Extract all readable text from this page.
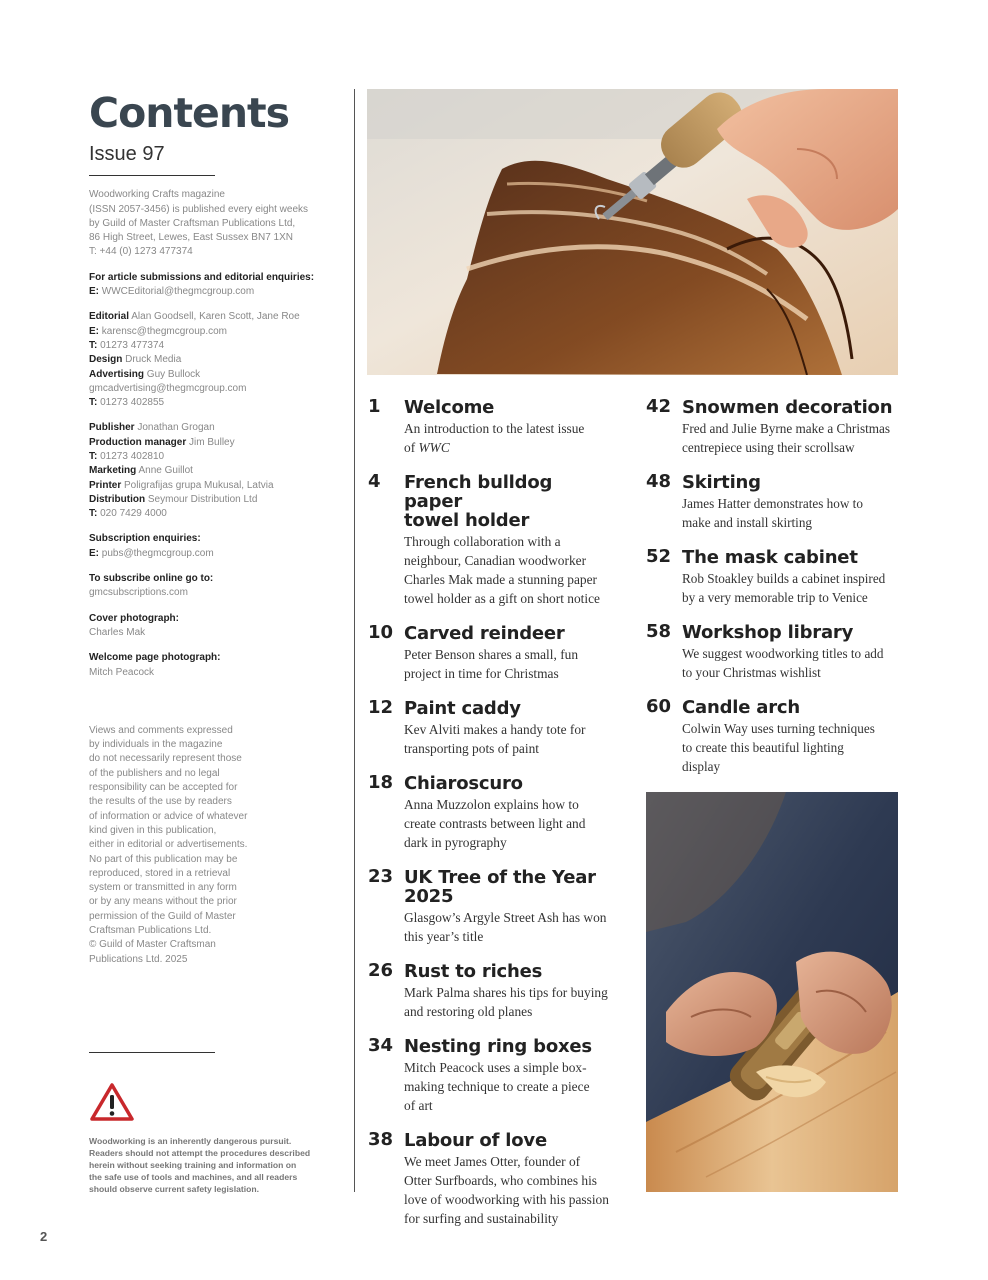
Contents
Issue 97

Woodworking Crafts magazine
(ISSN 2057-3456) is published every eight weeks
by Guild of Master Craftsman Publications Ltd,
86 High Street, Lewes, East Sussex BN7 1XN
T: +44 (0) 1273 477374

For article submissions and editorial enquiries:
E: WWCEditorial@thegmcgroup.com

Editorial Alan Goodsell, Karen Scott, Jane Roe
E: karensc@thegmcgroup.com
T: 01273 477374
Design Druck Media
Advertising Guy Bullock
gmcadvertising@thegmcgroup.com
T: 01273 402855

Publisher Jonathan Grogan
Production manager Jim Bulley
T: 01273 402810
Marketing Anne Guillot
Printer Poligrafijas grupa Mukusal, Latvia
Distribution Seymour Distribution Ltd
T: 020 7429 4000

Subscription enquiries:
E: pubs@thegmcgroup.com

To subscribe online go to:
gmcsubscriptions.com

Cover photograph:
Charles Mak

Welcome page photograph:
Mitch Peacock

Views and comments expressed
by individuals in the magazine
do not necessarily represent those
of the publishers and no legal
responsibility can be accepted for
the results of the use by readers
of information or advice of whatever
kind given in this publication,
either in editorial or advertisements.
No part of this publication may be
reproduced, stored in a retrieval
system or transmitted in any form
or by any means without the prior
permission of the Guild of Master
Craftsman Publications Ltd.
© Guild of Master Craftsman
Publications Ltd. 2025
Woodworking is an inherently dangerous pursuit.
Readers should not attempt the procedures described
herein without seeking training and information on
the safe use of tools and machines, and all readers
should observe current safety legislation.
2
1 Welcome
An introduction to the latest issue
of WWC
4 French bulldog paper
towel holder
Through collaboration with a
neighbour, Canadian woodworker
Charles Mak made a stunning paper
towel holder as a gift on short notice
10 Carved reindeer
Peter Benson shares a small, fun
project in time for Christmas
12 Paint caddy
Kev Alviti makes a handy tote for
transporting pots of paint
18 Chiaroscuro
Anna Muzzolon explains how to
create contrasts between light and
dark in pyrography
23 UK Tree of the Year 2025
Glasgow’s Argyle Street Ash has won
this year’s title
26 Rust to riches
Mark Palma shares his tips for buying
and restoring old planes
34 Nesting ring boxes
Mitch Peacock uses a simple box-
making technique to create a piece
of art
38 Labour of love
We meet James Otter, founder of
Otter Surfboards, who combines his
love of woodworking with his passion
for surfing and sustainability
42 Snowmen decoration
Fred and Julie Byrne make a Christmas
centrepiece using their scrollsaw
48 Skirting
James Hatter demonstrates how to
make and install skirting
52 The mask cabinet
Rob Stoakley builds a cabinet inspired
by a very memorable trip to Venice
58 Workshop library
We suggest woodworking titles to add
to your Christmas wishlist
60 Candle arch
Colwin Way uses turning techniques
to create this beautiful lighting
display
